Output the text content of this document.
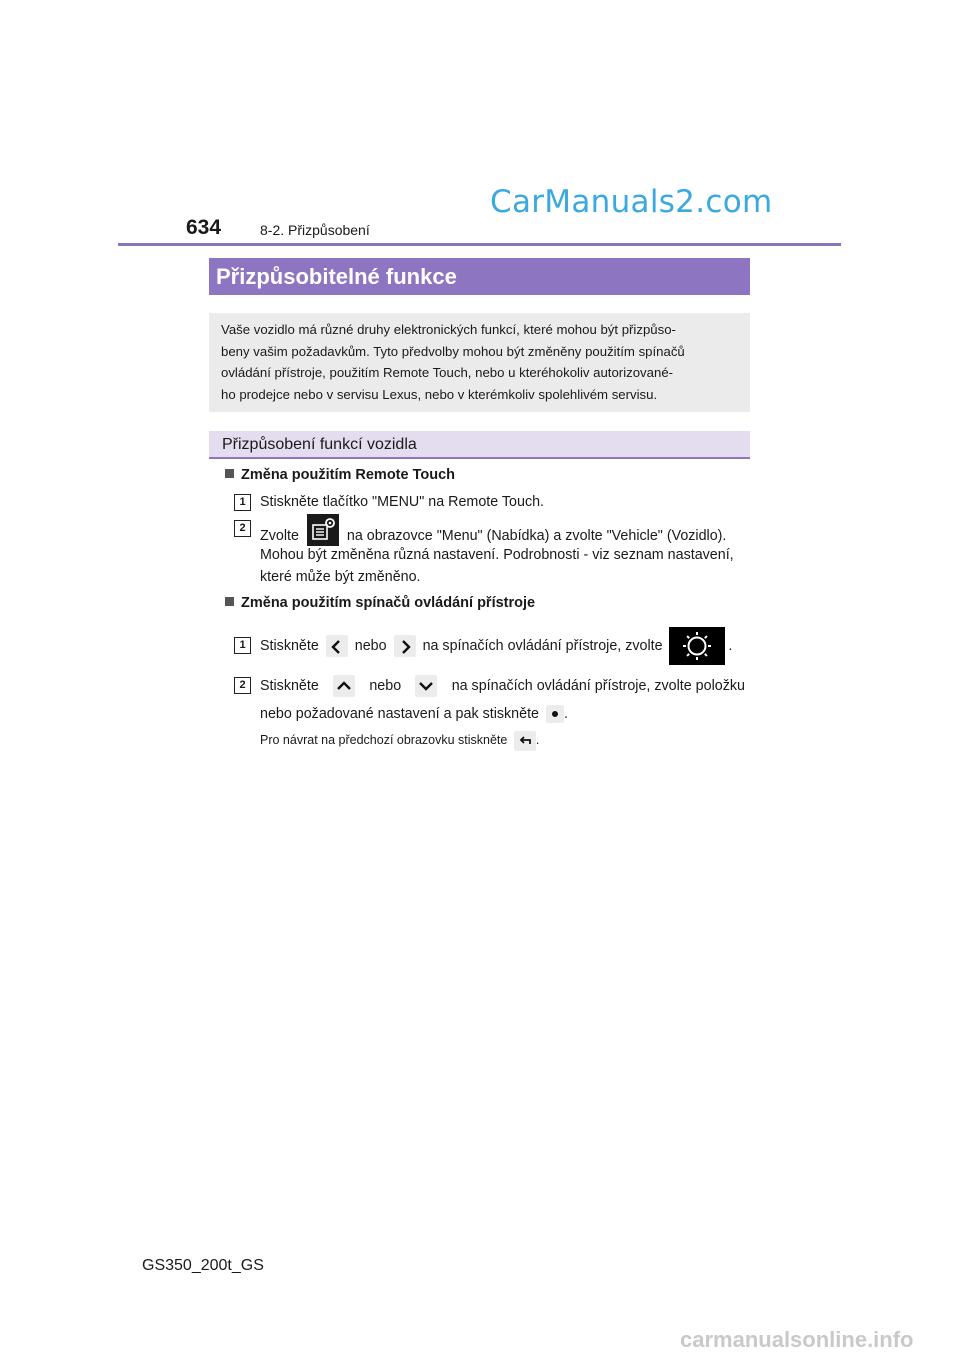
CarManuals2.com
634	8-2. Přizpůsobení
Přizpůsobitelné funkce
Vaše vozidlo má různé druhy elektronických funkcí, které mohou být přizpůso-
beny vašim požadavkům. Tyto předvolby mohou být změněny použitím spínačů
ovládání přístroje, použitím Remote Touch, nebo u kteréhokoliv autorizované-
ho prodejce nebo v servisu Lexus, nebo v kterémkoliv spolehlivém servisu.
Přizpůsobení funkcí vozidla
Změna použitím Remote Touch
1	Stiskněte tlačítko "MENU" na Remote Touch.
2	Zvolte	na obrazovce "Menu" (Nabídka) a zvolte "Vehicle" (Vozidlo).
Mohou být změněna různá nastavení. Podrobnosti - viz seznam nastavení,
které může být změněno.
Změna použitím spínačů ovládání přístroje
1	Stiskněte	nebo	na spínačích ovládání přístroje, zvolte	.
2	Stiskněte	nebo	na spínačích ovládání přístroje, zvolte položku
nebo požadované nastavení a pak stiskněte .
Pro návrat na předchozí obrazovku stiskněte .
GS350_200t_GS
carmanualsonline.info
